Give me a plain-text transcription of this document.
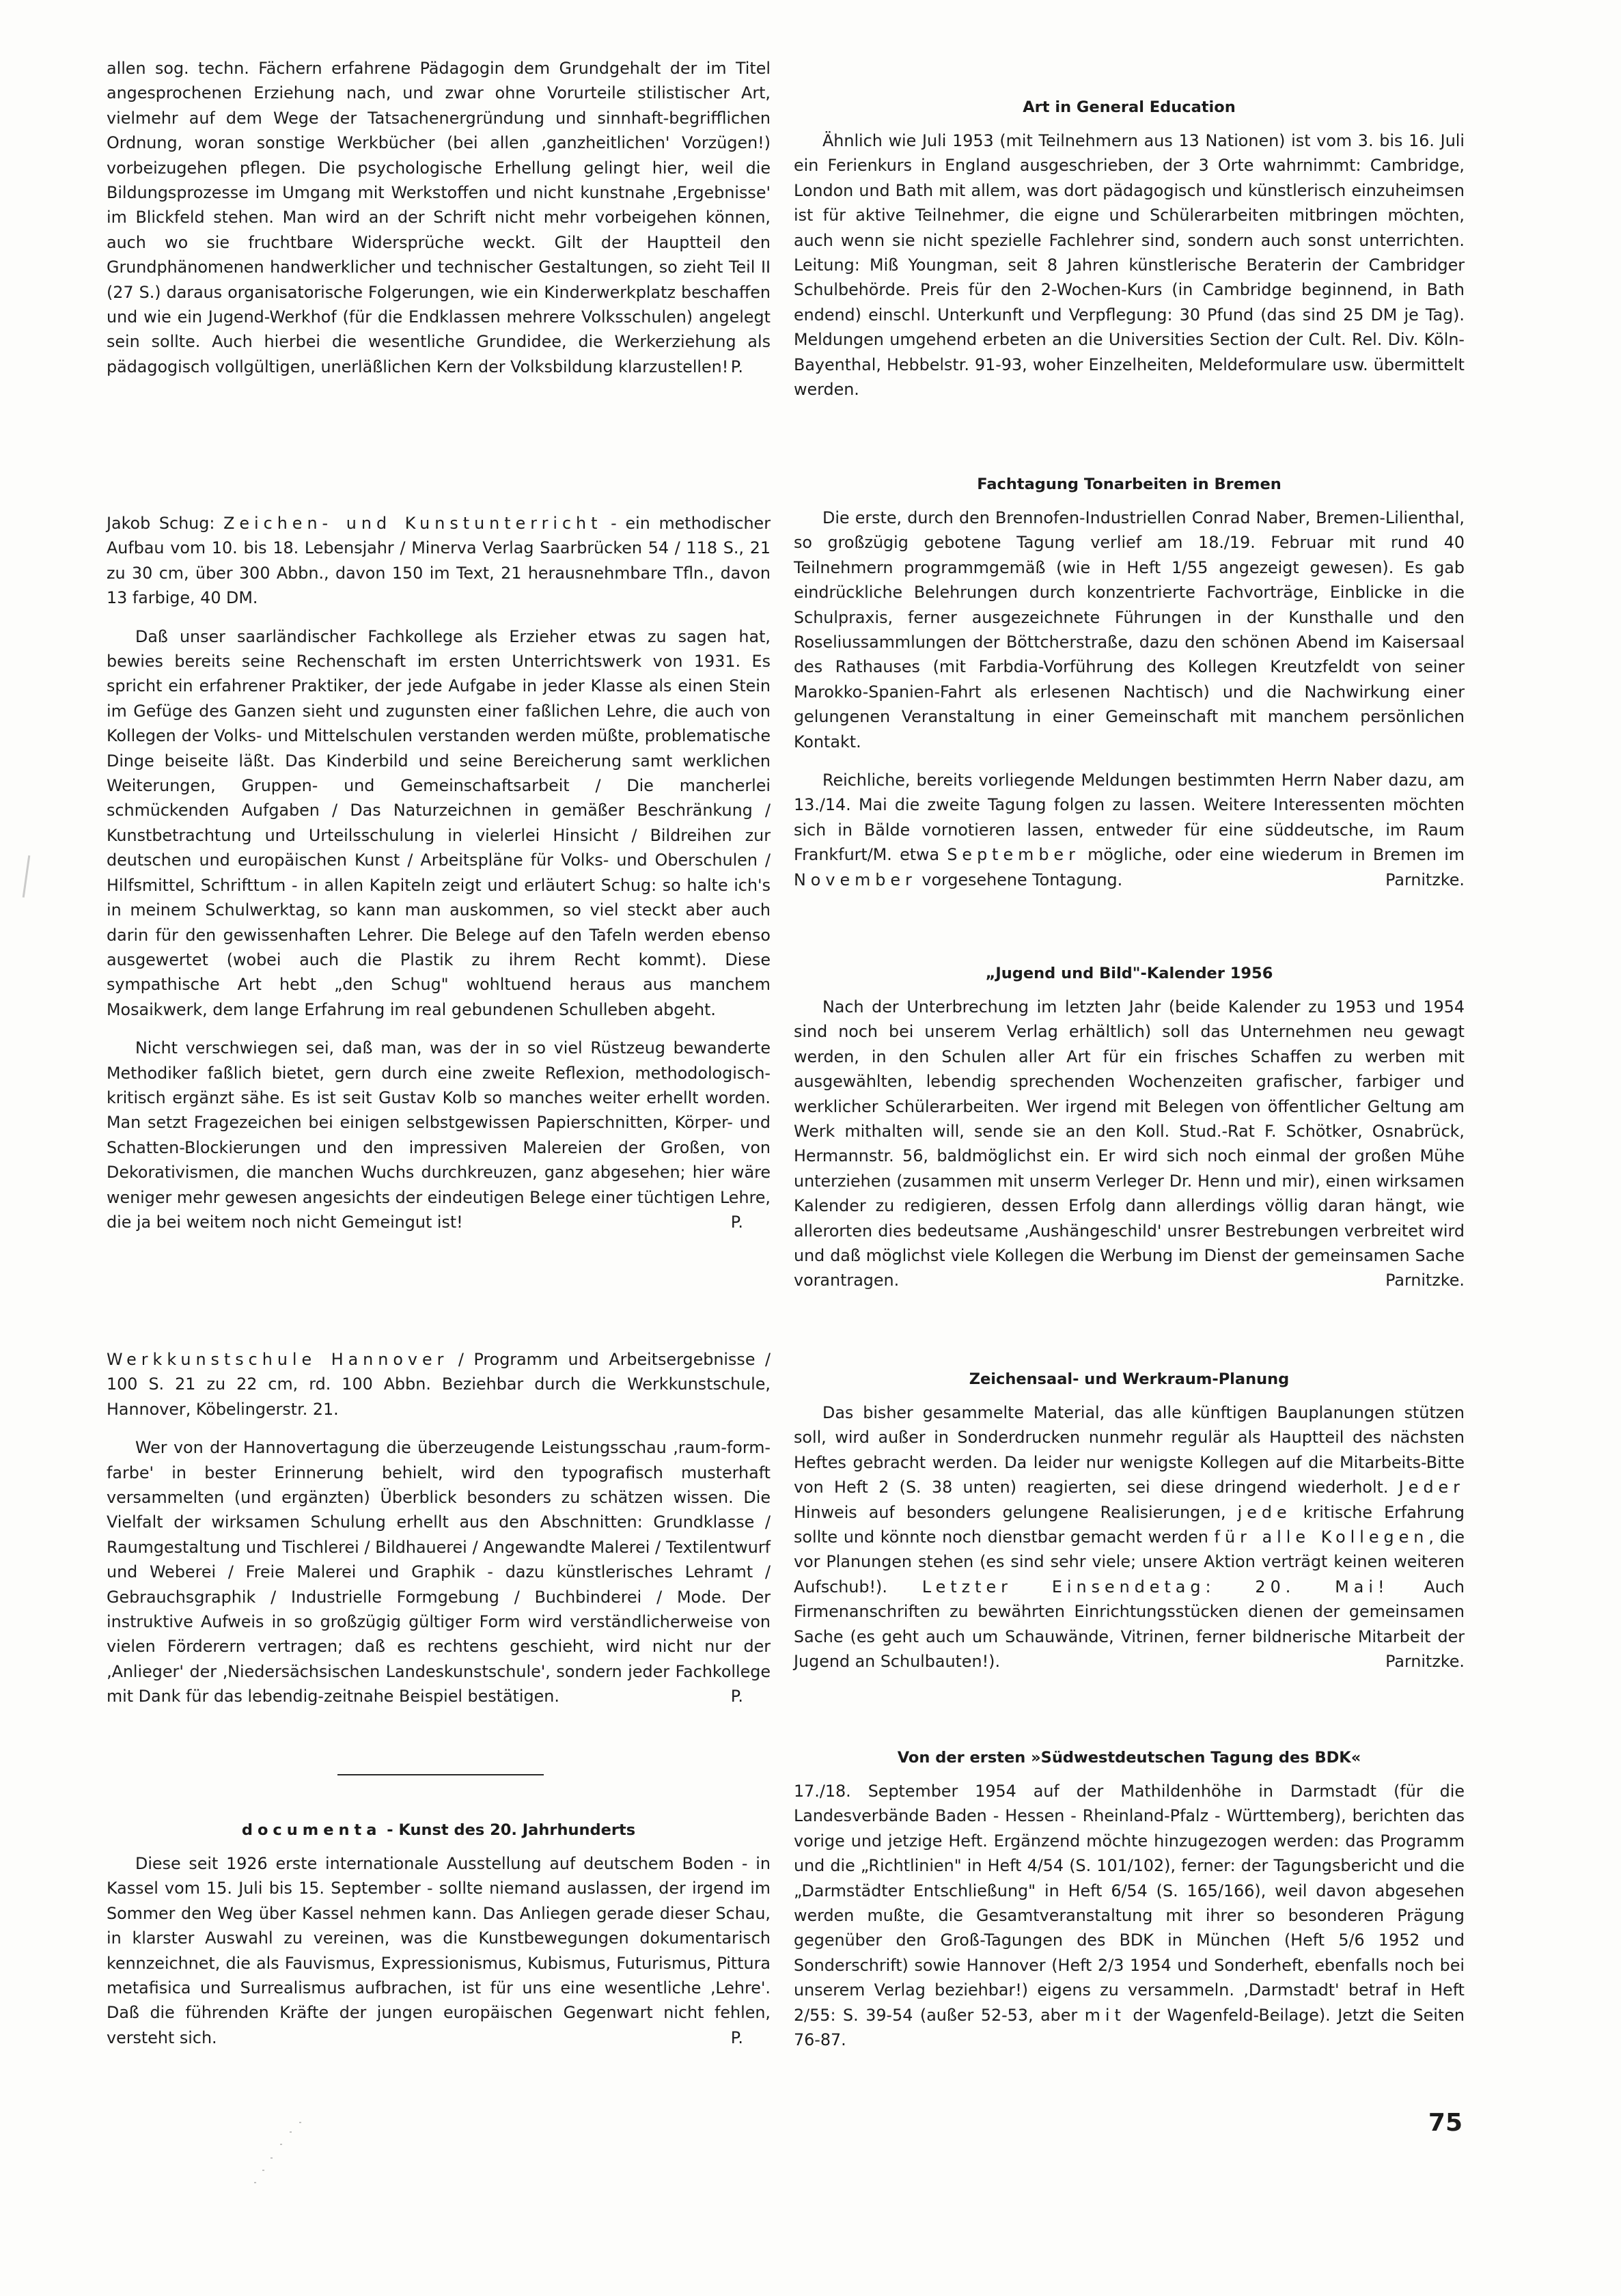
allen sog. techn. Fächern erfahrene Pädagogin dem Grundgehalt der im Titel angesprochenen Erziehung nach, und zwar ohne Vorurteile stilistischer Art, vielmehr auf dem Wege der Tatsachenergründung und sinnhaft-begrifflichen Ordnung, woran sonstige Werkbücher (bei allen ‚ganzheitlichen' Vorzügen!) vorbeizugehen pflegen. Die psychologische Erhellung gelingt hier, weil die Bildungsprozesse im Umgang mit Werkstoffen und nicht kunstnahe ‚Ergebnisse' im Blickfeld stehen. Man wird an der Schrift nicht mehr vorbeigehen können, auch wo sie fruchtbare Widersprüche weckt. Gilt der Hauptteil den Grundphänomenen handwerklicher und technischer Gestaltungen, so zieht Teil II (27 S.) daraus organisatorische Folgerungen, wie ein Kinderwerkplatz beschaffen und wie ein Jugend-Werkhof (für die Endklassen mehrere Volksschulen) angelegt sein sollte. Auch hierbei die wesentliche Grundidee, die Werkerziehung als pädagogisch vollgültigen, unerläßlichen Kern der Volksbildung klarzustellen! P.

Jakob Schug: Zeichen- und Kunstunterricht - ein methodischer Aufbau vom 10. bis 18. Lebensjahr / Minerva Verlag Saarbrücken 54 / 118 S., 21 zu 30 cm, über 300 Abbn., davon 150 im Text, 21 herausnehmbare Tfln., davon 13 farbige, 40 DM.

Daß unser saarländischer Fachkollege als Erzieher etwas zu sagen hat, bewies bereits seine Rechenschaft im ersten Unterrichtswerk von 1931. Es spricht ein erfahrener Praktiker, der jede Aufgabe in jeder Klasse als einen Stein im Gefüge des Ganzen sieht und zugunsten einer faßlichen Lehre, die auch von Kollegen der Volks- und Mittelschulen verstanden werden müßte, problematische Dinge beiseite läßt. Das Kinderbild und seine Bereicherung samt werklichen Weiterungen, Gruppen- und Gemeinschaftsarbeit / Die mancherlei schmückenden Aufgaben / Das Naturzeichnen in gemäßer Beschränkung / Kunstbetrachtung und Urteilsschulung in vielerlei Hinsicht / Bildreihen zur deutschen und europäischen Kunst / Arbeitspläne für Volks- und Oberschulen / Hilfsmittel, Schrifttum - in allen Kapiteln zeigt und erläutert Schug: so halte ich's in meinem Schulwerktag, so kann man auskommen, so viel steckt aber auch darin für den gewissenhaften Lehrer. Die Belege auf den Tafeln werden ebenso ausgewertet (wobei auch die Plastik zu ihrem Recht kommt). Diese sympathische Art hebt „den Schug" wohltuend heraus aus manchem Mosaikwerk, dem lange Erfahrung im real gebundenen Schulleben abgeht.

Nicht verschwiegen sei, daß man, was der in so viel Rüstzeug bewanderte Methodiker faßlich bietet, gern durch eine zweite Reflexion, methodologisch-kritisch ergänzt sähe. Es ist seit Gustav Kolb so manches weiter erhellt worden. Man setzt Fragezeichen bei einigen selbstgewissen Papierschnitten, Körper- und Schatten-Blockierungen und den impressiven Malereien der Großen, von Dekorativismen, die manchen Wuchs durchkreuzen, ganz abgesehen; hier wäre weniger mehr gewesen angesichts der eindeutigen Belege einer tüchtigen Lehre, die ja bei weitem noch nicht Gemeingut ist!	P.

Werkkunstschule Hannover / Programm und Arbeitsergebnisse / 100 S. 21 zu 22 cm, rd. 100 Abbn. Beziehbar durch die Werkkunstschule, Hannover, Köbelingerstr. 21.

Wer von der Hannovertagung die überzeugende Leistungsschau ‚raum-form-farbe' in bester Erinnerung behielt, wird den typografisch musterhaft versammelten (und ergänzten) Überblick besonders zu schätzen wissen. Die Vielfalt der wirksamen Schulung erhellt aus den Abschnitten: Grundklasse / Raumgestaltung und Tischlerei / Bildhauerei / Angewandte Malerei / Textilentwurf und Weberei / Freie Malerei und Graphik - dazu künstlerisches Lehramt / Gebrauchsgraphik / Industrielle Formgebung / Buchbinderei / Mode. Der instruktive Aufweis in so großzügig gültiger Form wird verständlicherweise von vielen Förderern vertragen; daß es rechtens geschieht, wird nicht nur der ‚Anlieger' der ‚Niedersächsischen Landeskunstschule', sondern jeder Fachkollege mit Dank für das lebendig-zeitnahe Beispiel bestätigen.	P.

documenta - Kunst des 20. Jahrhunderts

Diese seit 1926 erste internationale Ausstellung auf deutschem Boden - in Kassel vom 15. Juli bis 15. September - sollte niemand auslassen, der irgend im Sommer den Weg über Kassel nehmen kann. Das Anliegen gerade dieser Schau, in klarster Auswahl zu vereinen, was die Kunstbewegungen dokumentarisch kennzeichnet, die als Fauvismus, Expressionismus, Kubismus, Futurismus, Pittura metafisica und Surrealismus aufbrachen, ist für uns eine wesentliche ‚Lehre'. Daß die führenden Kräfte der jungen europäischen Gegenwart nicht fehlen, versteht sich.	P.

Art in General Education

Ähnlich wie Juli 1953 (mit Teilnehmern aus 13 Nationen) ist vom 3. bis 16. Juli ein Ferienkurs in England ausgeschrieben, der 3 Orte wahrnimmt: Cambridge, London und Bath mit allem, was dort pädagogisch und künstlerisch einzuheimsen ist für aktive Teilnehmer, die eigne und Schülerarbeiten mitbringen möchten, auch wenn sie nicht spezielle Fachlehrer sind, sondern auch sonst unterrichten. Leitung: Miß Youngman, seit 8 Jahren künstlerische Beraterin der Cambridger Schulbehörde. Preis für den 2-Wochen-Kurs (in Cambridge beginnend, in Bath endend) einschl. Unterkunft und Verpflegung: 30 Pfund (das sind 25 DM je Tag). Meldungen umgehend erbeten an die Universities Section der Cult. Rel. Div. Köln-Bayenthal, Hebbelstr. 91-93, woher Einzelheiten, Meldeformulare usw. übermittelt werden.

Fachtagung Tonarbeiten in Bremen

Die erste, durch den Brennofen-Industriellen Conrad Naber, Bremen-Lilienthal, so großzügig gebotene Tagung verlief am 18./19. Februar mit rund 40 Teilnehmern programmgemäß (wie in Heft 1/55 angezeigt gewesen). Es gab eindrückliche Belehrungen durch konzentrierte Fachvorträge, Einblicke in die Schulpraxis, ferner ausgezeichnete Führungen in der Kunsthalle und den Roseliussammlungen der Böttcherstraße, dazu den schönen Abend im Kaisersaal des Rathauses (mit Farbdia-Vorführung des Kollegen Kreutzfeldt von seiner Marokko-Spanien-Fahrt als erlesenen Nachtisch) und die Nachwirkung einer gelungenen Veranstaltung in einer Gemeinschaft mit manchem persönlichen Kontakt.

Reichliche, bereits vorliegende Meldungen bestimmten Herrn Naber dazu, am 13./14. Mai die zweite Tagung folgen zu lassen. Weitere Interessenten möchten sich in Bälde vornotieren lassen, entweder für eine süddeutsche, im Raum Frankfurt/M. etwa September mögliche, oder eine wiederum in Bremen im November vorgesehene Tontagung.	Parnitzke.

„Jugend und Bild"-Kalender 1956

Nach der Unterbrechung im letzten Jahr (beide Kalender zu 1953 und 1954 sind noch bei unserem Verlag erhältlich) soll das Unternehmen neu gewagt werden, in den Schulen aller Art für ein frisches Schaffen zu werben mit ausgewählten, lebendig sprechenden Wochenzeiten grafischer, farbiger und werklicher Schülerarbeiten. Wer irgend mit Belegen von öffentlicher Geltung am Werk mithalten will, sende sie an den Koll. Stud.-Rat F. Schötker, Osnabrück, Hermannstr. 56, baldmöglichst ein. Er wird sich noch einmal der großen Mühe unterziehen (zusammen mit unserm Verleger Dr. Henn und mir), einen wirksamen Kalender zu redigieren, dessen Erfolg dann allerdings völlig daran hängt, wie allerorten dies bedeutsame ‚Aushängeschild' unsrer Bestrebungen verbreitet wird und daß möglichst viele Kollegen die Werbung im Dienst der gemeinsamen Sache vorantragen.	Parnitzke.

Zeichensaal- und Werkraum-Planung

Das bisher gesammelte Material, das alle künftigen Bauplanungen stützen soll, wird außer in Sonderdrucken nunmehr regulär als Hauptteil des nächsten Heftes gebracht werden. Da leider nur wenigste Kollegen auf die Mitarbeits-Bitte von Heft 2 (S. 38 unten) reagierten, sei diese dringend wiederholt. Jeder Hinweis auf besonders gelungene Realisierungen, jede kritische Erfahrung sollte und könnte noch dienstbar gemacht werden für alle Kollegen, die vor Planungen stehen (es sind sehr viele; unsere Aktion verträgt keinen weiteren Aufschub!). Letzter Einsendetag: 20. Mai! Auch Firmenanschriften zu bewährten Einrichtungsstücken dienen der gemeinsamen Sache (es geht auch um Schauwände, Vitrinen, ferner bildnerische Mitarbeit der Jugend an Schulbauten!).	Parnitzke.

Von der ersten »Südwestdeutschen Tagung des BDK«

17./18. September 1954 auf der Mathildenhöhe in Darmstadt (für die Landesverbände Baden - Hessen - Rheinland-Pfalz - Württemberg), berichten das vorige und jetzige Heft. Ergänzend möchte hinzugezogen werden: das Programm und die „Richtlinien" in Heft 4/54 (S. 101/102), ferner: der Tagungsbericht und die „Darmstädter Entschließung" in Heft 6/54 (S. 165/166), weil davon abgesehen werden mußte, die Gesamtveranstaltung mit ihrer so besonderen Prägung gegenüber den Groß-Tagungen des BDK in München (Heft 5/6 1952 und Sonderschrift) sowie Hannover (Heft 2/3 1954 und Sonderheft, ebenfalls noch bei unserem Verlag beziehbar!) eigens zu versammeln. ‚Darmstadt' betraf in Heft 2/55: S. 39-54 (außer 52-53, aber mit der Wagenfeld-Beilage). Jetzt die Seiten 76-87.

75
